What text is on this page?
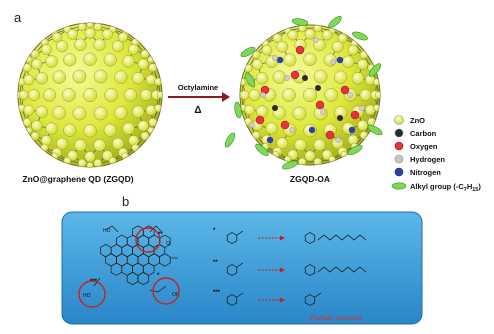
a
ZnO@graphene QD (ZGQD)
Octylamine
Δ
ZGQD-OA
ZnO
Carbon
Oxygen
Hydrogen
Nitrogen
Alkyl group $(-C_7H_{15})$
b
HO
O
OH
HO
**
***
*
*
**
***
(Partially reduced)
